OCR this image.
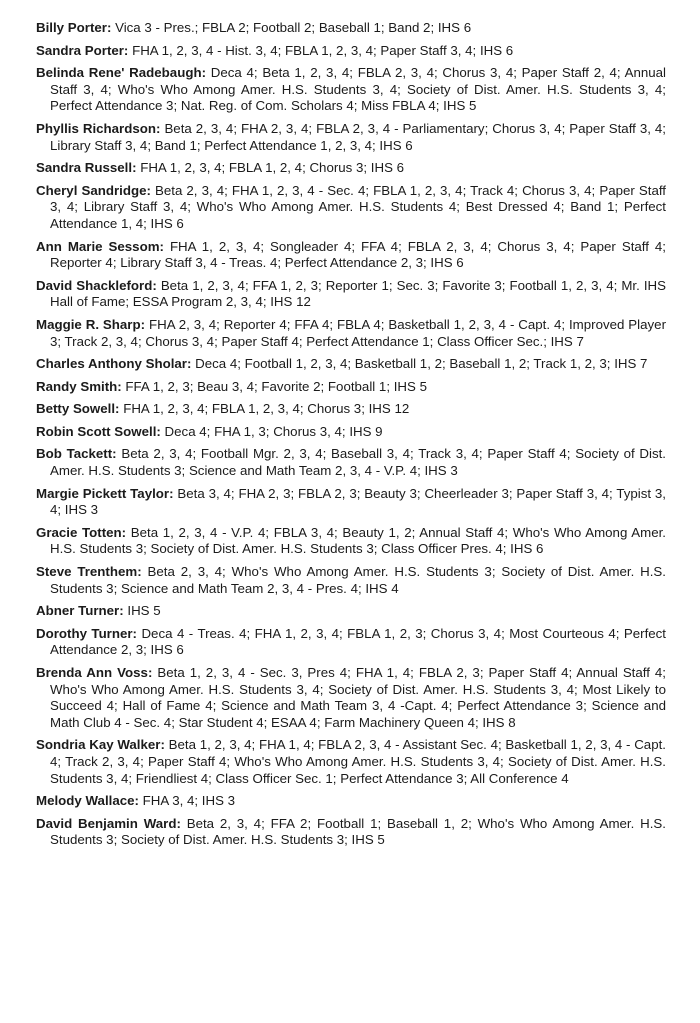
Billy Porter: Vica 3 - Pres.; FBLA 2; Football 2; Baseball 1; Band 2; IHS 6

Sandra Porter: FHA 1, 2, 3, 4 - Hist. 3, 4; FBLA 1, 2, 3, 4; Paper Staff 3, 4; IHS 6

Belinda Rene' Radebaugh: Deca 4; Beta 1, 2, 3, 4; FBLA 2, 3, 4; Chorus 3, 4; Paper Staff 2, 4; Annual Staff 3, 4; Who's Who Among Amer. H.S. Students 3, 4; Society of Dist. Amer. H.S. Students 3, 4; Perfect Attendance 3; Nat. Reg. of Com. Scholars 4; Miss FBLA 4; IHS 5

Phyllis Richardson: Beta 2, 3, 4; FHA 2, 3, 4; FBLA 2, 3, 4 - Parliamentary; Chorus 3, 4; Paper Staff 3, 4; Library Staff 3, 4; Band 1; Perfect Attendance 1, 2, 3, 4; IHS 6

Sandra Russell: FHA 1, 2, 3, 4; FBLA 1, 2, 4; Chorus 3; IHS 6

Cheryl Sandridge: Beta 2, 3, 4; FHA 1, 2, 3, 4 - Sec. 4; FBLA 1, 2, 3, 4; Track 4; Chorus 3, 4; Paper Staff 3, 4; Library Staff 3, 4; Who's Who Among Amer. H.S. Students 4; Best Dressed 4; Band 1; Perfect Attendance 1, 4; IHS 6

Ann Marie Sessom: FHA 1, 2, 3, 4; Songleader 4; FFA 4; FBLA 2, 3, 4; Chorus 3, 4; Paper Staff 4; Reporter 4; Library Staff 3, 4 - Treas. 4; Perfect Attendance 2, 3; IHS 6

David Shackleford: Beta 1, 2, 3, 4; FFA 1, 2, 3; Reporter 1; Sec. 3; Favorite 3; Football 1, 2, 3, 4; Mr. IHS Hall of Fame; ESSA Program 2, 3, 4; IHS 12

Maggie R. Sharp: FHA 2, 3, 4; Reporter 4; FFA 4; FBLA 4; Basketball 1, 2, 3, 4 - Capt. 4; Improved Player 3; Track 2, 3, 4; Chorus 3, 4; Paper Staff 4; Perfect Attendance 1; Class Officer Sec.; IHS 7

Charles Anthony Sholar: Deca 4; Football 1, 2, 3, 4; Basketball 1, 2; Baseball 1, 2; Track 1, 2, 3; IHS 7

Randy Smith: FFA 1, 2, 3; Beau 3, 4; Favorite 2; Football 1; IHS 5

Betty Sowell: FHA 1, 2, 3, 4; FBLA 1, 2, 3, 4; Chorus 3; IHS 12

Robin Scott Sowell: Deca 4; FHA 1, 3; Chorus 3, 4; IHS 9

Bob Tackett: Beta 2, 3, 4; Football Mgr. 2, 3, 4; Baseball 3, 4; Track 3, 4; Paper Staff 4; Society of Dist. Amer. H.S. Students 3; Science and Math Team 2, 3, 4 - V.P. 4; IHS 3

Margie Pickett Taylor: Beta 3, 4; FHA 2, 3; FBLA 2, 3; Beauty 3; Cheerleader 3; Paper Staff 3, 4; Typist 3, 4; IHS 3

Gracie Totten: Beta 1, 2, 3, 4 - V.P. 4; FBLA 3, 4; Beauty 1, 2; Annual Staff 4; Who's Who Among Amer. H.S. Students 3; Society of Dist. Amer. H.S. Students 3; Class Officer Pres. 4; IHS 6

Steve Trenthem: Beta 2, 3, 4; Who's Who Among Amer. H.S. Students 3; Society of Dist. Amer. H.S. Students 3; Science and Math Team 2, 3, 4 - Pres. 4; IHS 4

Abner Turner: IHS 5

Dorothy Turner: Deca 4 - Treas. 4; FHA 1, 2, 3, 4; FBLA 1, 2, 3; Chorus 3, 4; Most Courteous 4; Perfect Attendance 2, 3; IHS 6

Brenda Ann Voss: Beta 1, 2, 3, 4 - Sec. 3, Pres 4; FHA 1, 4; FBLA 2, 3; Paper Staff 4; Annual Staff 4; Who's Who Among Amer. H.S. Students 3, 4; Society of Dist. Amer. H.S. Students 3, 4; Most Likely to Succeed 4; Hall of Fame 4; Science and Math Team 3, 4 -Capt. 4; Perfect Attendance 3; Science and Math Club 4 - Sec. 4; Star Student 4; ESAA 4; Farm Machinery Queen 4; IHS 8

Sondria Kay Walker: Beta 1, 2, 3, 4; FHA 1, 4; FBLA 2, 3, 4 - Assistant Sec. 4; Basketball 1, 2, 3, 4 - Capt. 4; Track 2, 3, 4; Paper Staff 4; Who's Who Among Amer. H.S. Students 3, 4; Society of Dist. Amer. H.S. Students 3, 4; Friendliest 4; Class Officer Sec. 1; Perfect Attendance 3; All Conference 4

Melody Wallace: FHA 3, 4; IHS 3

David Benjamin Ward: Beta 2, 3, 4; FFA 2; Football 1; Baseball 1, 2; Who's Who Among Amer. H.S. Students 3; Society of Dist. Amer. H.S. Students 3; IHS 5
